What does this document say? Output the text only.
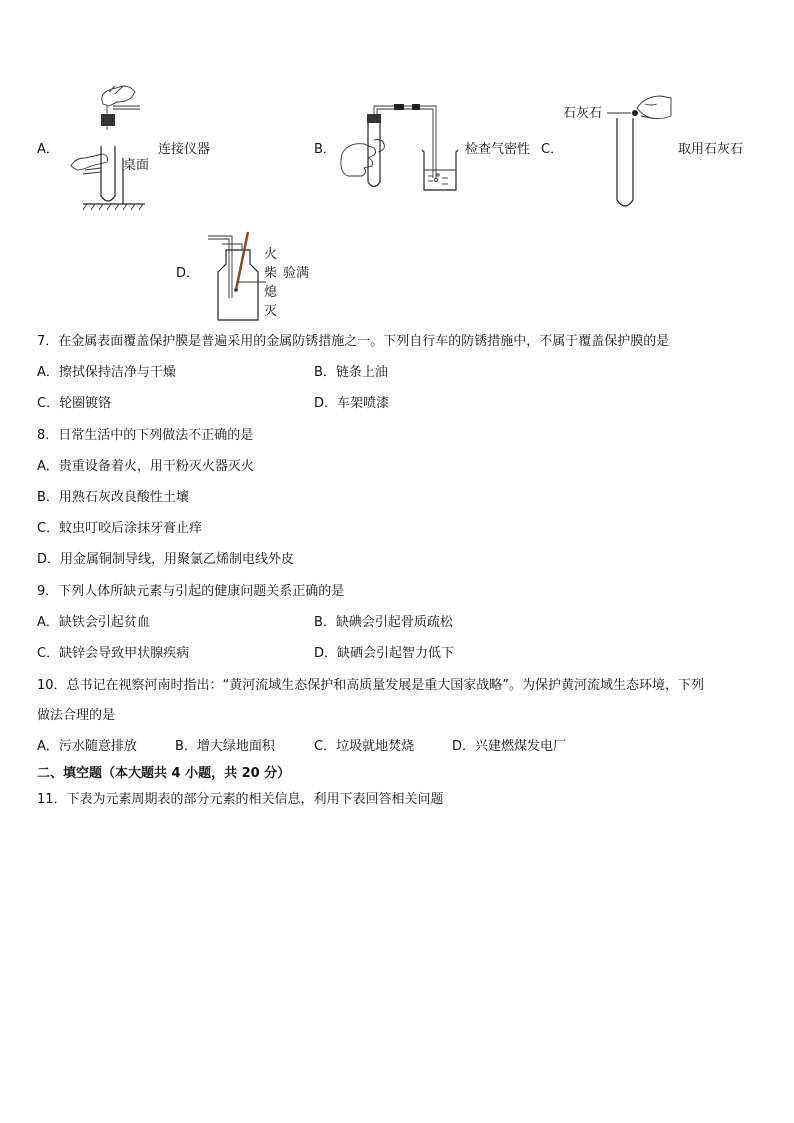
A．
桌面
连接仪器	B．	检查气密性 C．
石灰石
取用石灰石
D．
火
柴
熄
灭
验满
7．在金属表面覆盖保护膜是普遍采用的金属防锈措施之一。下列自行车的防锈措施中，不属于覆盖保护膜的是
A．擦拭保持洁净与干燥	B．链条上油
C．轮圈镀铬	D．车架喷漆
8．日常生活中的下列做法不正确的是
A．贵重设备着火，用干粉灭火器灭火
B．用熟石灰改良酸性土壤
C．蚊虫叮咬后涂抹牙膏止痒
D．用金属铜制导线，用聚氯乙烯制电线外皮
9．下列人体所缺元素与引起的健康问题关系正确的是
A．缺铁会引起贫血	B．缺碘会引起骨质疏松
C．缺锌会导致甲状腺疾病	D．缺硒会引起智力低下
10．总书记在视察河南时指出：“黄河流域生态保护和高质量发展是重大国家战略”。为保护黄河流域生态环境，下列
做法合理的是
A．污水随意排放	B．增大绿地面积	C．垃圾就地焚烧	D．兴建燃煤发电厂
二、填空题（本大题共 4 小题，共 20 分）
11．下表为元素周期表的部分元素的相关信息，利用下表回答相关问题
